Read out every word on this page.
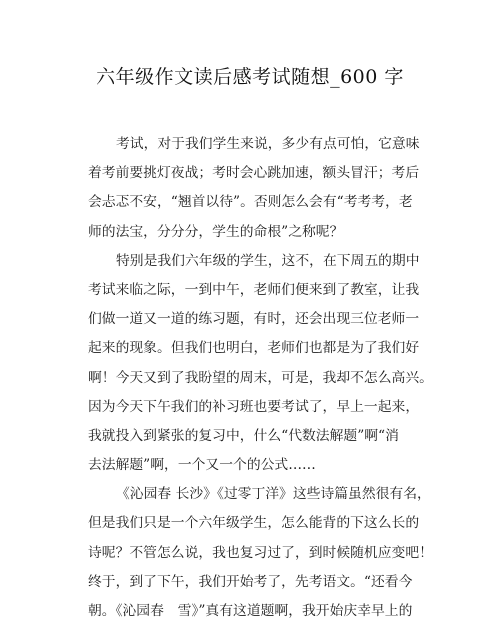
六年级作文读后感考试随想_600 字
考试，对于我们学生来说，多少有点可怕，它意味
着考前要挑灯夜战；考时会心跳加速，额头冒汗；考后
会忐忑不安，“翘首以待”。否则怎么会有“考考考，老
师的法宝，分分分，学生的命根”之称呢？
特别是我们六年级的学生，这不，在下周五的期中
考试来临之际，一到中午，老师们便来到了教室，让我
们做一道又一道的练习题，有时，还会出现三位老师一
起来的现象。但我们也明白，老师们也都是为了我们好
啊！今天又到了我盼望的周末，可是，我却不怎么高兴。
因为今天下午我们的补习班也要考试了，早上一起来，
我就投入到紧张的复习中，什么“代数法解题”啊“消
去法解题”啊，一个又一个的公式……
《沁园春 长沙》《过零丁洋》这些诗篇虽然很有名，
但是我们只是一个六年级学生，怎么能背的下这么长的
诗呢？不管怎么说，我也复习过了，到时候随机应变吧！
终于，到了下午，我们开始考了，先考语文。“还看今
朝。《沁园春　雪》”真有这道题啊，我开始庆幸早上的
